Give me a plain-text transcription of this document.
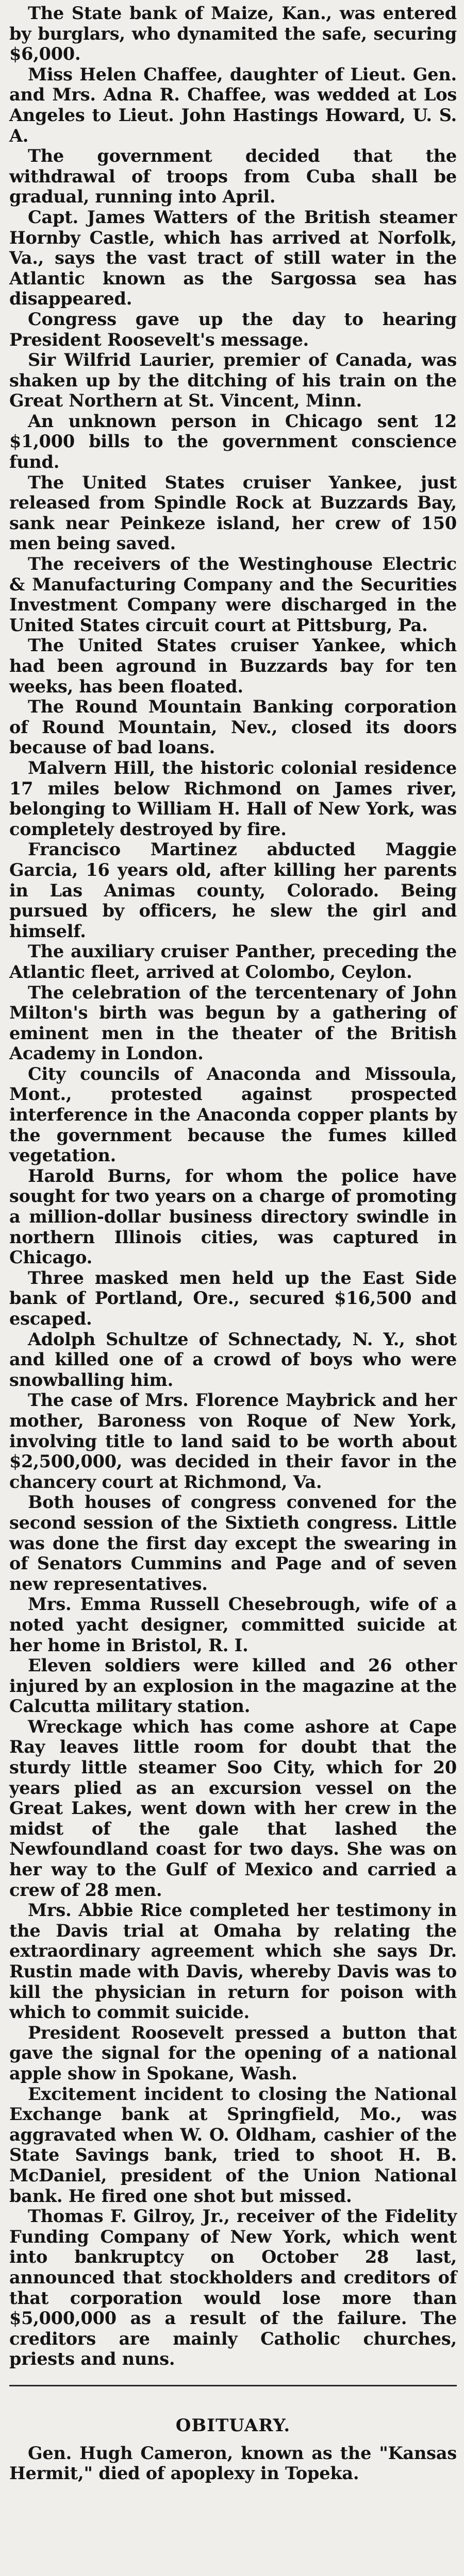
The State bank of Maize, Kan., was entered by burglars, who dynamited the safe, securing $6,000.

Miss Helen Chaffee, daughter of Lieut. Gen. and Mrs. Adna R. Chaffee, was wedded at Los Angeles to Lieut. John Hastings Howard, U. S. A.

The government decided that the withdrawal of troops from Cuba shall be gradual, running into April.

Capt. James Watters of the British steamer Hornby Castle, which has arrived at Norfolk, Va., says the vast tract of still water in the Atlantic known as the Sargossa sea has disappeared.

Congress gave up the day to hearing President Roosevelt's message.

Sir Wilfrid Laurier, premier of Canada, was shaken up by the ditching of his train on the Great Northern at St. Vincent, Minn.

An unknown person in Chicago sent 12 $1,000 bills to the government conscience fund.

The United States cruiser Yankee, just released from Spindle Rock at Buzzards Bay, sank near Peinkeze island, her crew of 150 men being saved.

The receivers of the Westinghouse Electric & Manufacturing Company and the Securities Investment Company were discharged in the United States circuit court at Pittsburg, Pa.

The United States cruiser Yankee, which had been aground in Buzzards bay for ten weeks, has been floated.

The Round Mountain Banking corporation of Round Mountain, Nev., closed its doors because of bad loans.

Malvern Hill, the historic colonial residence 17 miles below Richmond on James river, belonging to William H. Hall of New York, was completely destroyed by fire.

Francisco Martinez abducted Maggie Garcia, 16 years old, after killing her parents in Las Animas county, Colorado. Being pursued by officers, he slew the girl and himself.

The auxiliary cruiser Panther, preceding the Atlantic fleet, arrived at Colombo, Ceylon.

The celebration of the tercentenary of John Milton's birth was begun by a gathering of eminent men in the theater of the British Academy in London.

City councils of Anaconda and Missoula, Mont., protested against prospected interference in the Anaconda copper plants by the government because the fumes killed vegetation.

Harold Burns, for whom the police have sought for two years on a charge of promoting a million-dollar business directory swindle in northern Illinois cities, was captured in Chicago.

Three masked men held up the East Side bank of Portland, Ore., secured $16,500 and escaped.

Adolph Schultze of Schnectady, N. Y., shot and killed one of a crowd of boys who were snowballing him.

The case of Mrs. Florence Maybrick and her mother, Baroness von Roque of New York, involving title to land said to be worth about $2,500,000, was decided in their favor in the chancery court at Richmond, Va.

Both houses of congress convened for the second session of the Sixtieth congress. Little was done the first day except the swearing in of Senators Cummins and Page and of seven new representatives.

Mrs. Emma Russell Chesebrough, wife of a noted yacht designer, committed suicide at her home in Bristol, R. I.

Eleven soldiers were killed and 26 other injured by an explosion in the magazine at the Calcutta military station.

Wreckage which has come ashore at Cape Ray leaves little room for doubt that the sturdy little steamer Soo City, which for 20 years plied as an excursion vessel on the Great Lakes, went down with her crew in the midst of the gale that lashed the Newfoundland coast for two days. She was on her way to the Gulf of Mexico and carried a crew of 28 men.

Mrs. Abbie Rice completed her testimony in the Davis trial at Omaha by relating the extraordinary agreement which she says Dr. Rustin made with Davis, whereby Davis was to kill the physician in return for poison with which to commit suicide.

President Roosevelt pressed a button that gave the signal for the opening of a national apple show in Spokane, Wash.

Excitement incident to closing the National Exchange bank at Springfield, Mo., was aggravated when W. O. Oldham, cashier of the State Savings bank, tried to shoot H. B. McDaniel, president of the Union National bank. He fired one shot but missed.

Thomas F. Gilroy, Jr., receiver of the Fidelity Funding Company of New York, which went into bankruptcy on October 28 last, announced that stockholders and creditors of that corporation would lose more than $5,000,000 as a result of the failure. The creditors are mainly Catholic churches, priests and nuns.

OBITUARY.

Gen. Hugh Cameron, known as the "Kansas Hermit," died of apoplexy in Topeka.
